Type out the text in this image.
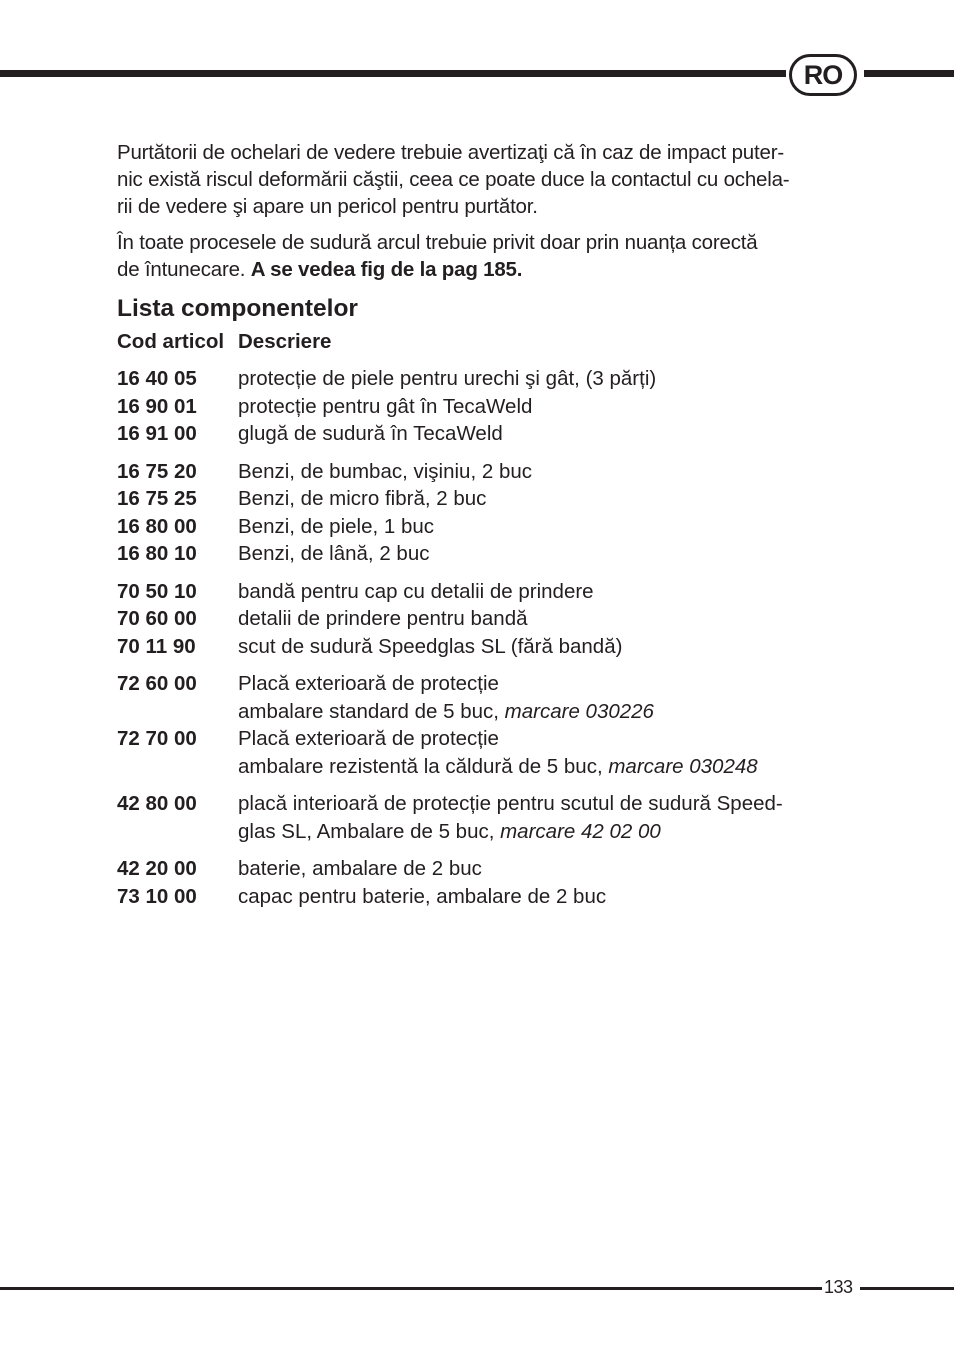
RO

Purtătorii de ochelari de vedere trebuie avertizaţi că în caz de impact puter-
nic există riscul deformării căştii, ceea ce poate duce la contactul cu ochela-
rii de vedere şi apare un pericol pentru purtător.

În toate procesele de sudură arcul trebuie privit doar prin nuanța corectă
de întunecare. A se vedea fig de la pag 185.

Lista componentelor
Cod articol Descriere
16 40 05	protecție de piele pentru urechi şi gât, (3 părți)
16 90 01	protecție pentru gât în TecaWeld
16 91 00	glugă de sudură în TecaWeld
16 75 20	Benzi, de bumbac, vişiniu, 2 buc
16 75 25	Benzi, de micro fibră, 2 buc
16 80 00	Benzi, de piele, 1 buc
16 80 10	Benzi, de lână, 2 buc
70 50 10	bandă pentru cap cu detalii de prindere
70 60 00	detalii de prindere pentru bandă
70 11 90	scut de sudură Speedglas SL (fără bandă)
72 60 00	Placă exterioară de protecție
ambalare standard de 5 buc, marcare 030226
72 70 00	Placă exterioară de protecție
ambalare rezistentă la căldură de 5 buc, marcare 030248
42 80 00	placă interioară de protecție pentru scutul de sudură Speed-
glas SL, Ambalare de 5 buc, marcare 42 02 00
42 20 00	baterie, ambalare de 2 buc
73 10 00	capac pentru baterie, ambalare de 2 buc
133
